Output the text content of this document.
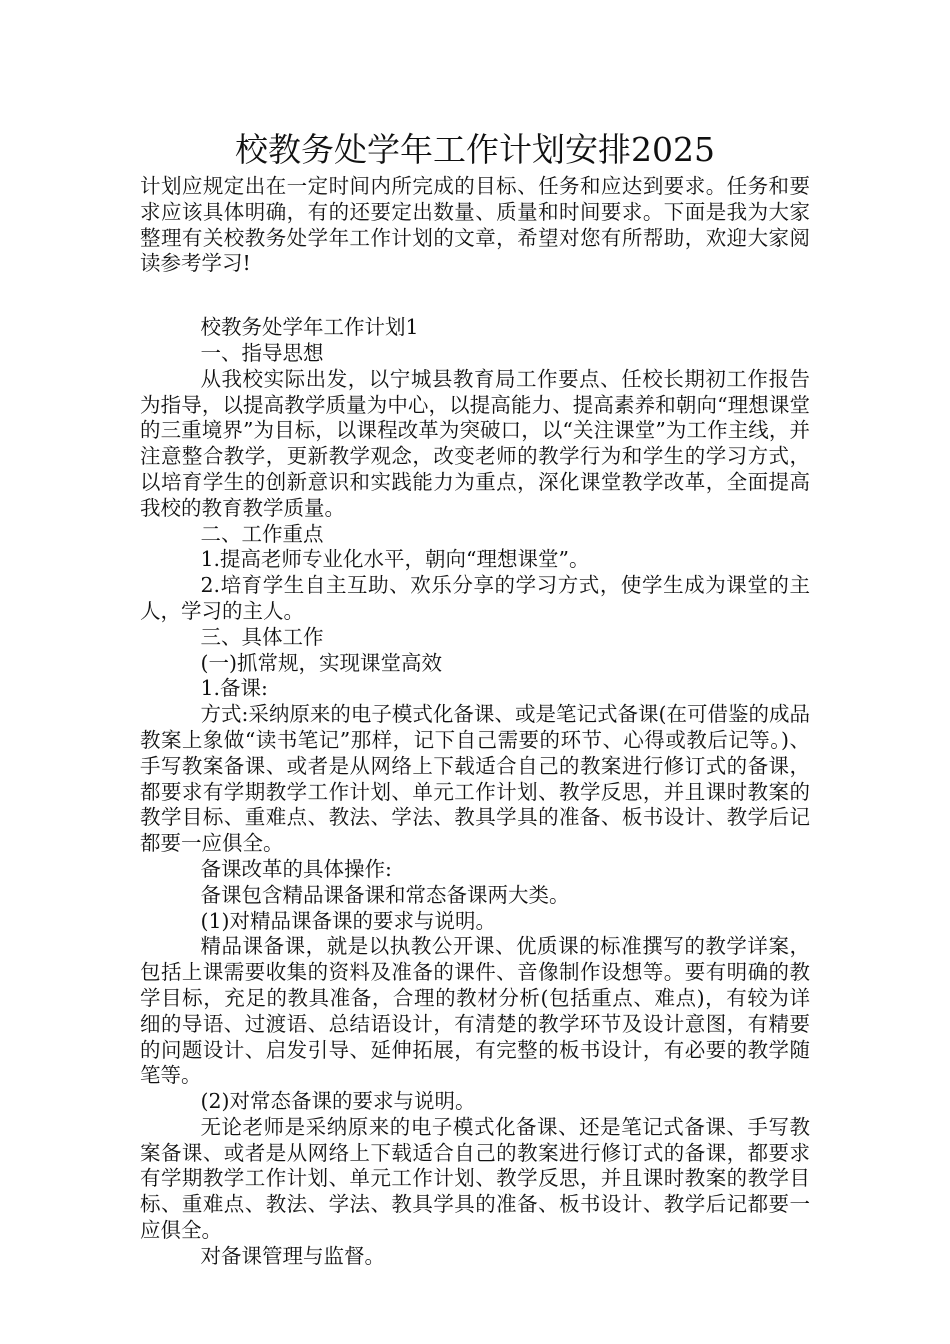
校教务处学年工作计划安排2025

计划应规定出在一定时间内所完成的目标、任务和应达到要求。任务和要求应该具体明确，有的还要定出数量、质量和时间要求。下面是我为大家整理有关校教务处学年工作计划的文章，希望对您有所帮助，欢迎大家阅读参考学习!

校教务处学年工作计划1

一、指导思想

从我校实际出发，以宁城县教育局工作要点、任校长期初工作报告为指导，以提高教学质量为中心，以提高能力、提高素养和朝向“理想课堂的三重境界”为目标，以课程改革为突破口，以“关注课堂”为工作主线，并注意整合教学，更新教学观念，改变老师的教学行为和学生的学习方式，以培育学生的创新意识和实践能力为重点，深化课堂教学改革，全面提高我校的教育教学质量。

二、工作重点

1.提高老师专业化水平，朝向“理想课堂”。

2.培育学生自主互助、欢乐分享的学习方式，使学生成为课堂的主人，学习的主人。

三、具体工作

(一)抓常规，实现课堂高效

1.备课:

方式:采纳原来的电子模式化备课、或是笔记式备课(在可借鉴的成品教案上象做“读书笔记”那样，记下自己需要的环节、心得或教后记等。)、手写教案备课、或者是从网络上下载适合自己的教案进行修订式的备课，都要求有学期教学工作计划、单元工作计划、教学反思，并且课时教案的教学目标、重难点、教法、学法、教具学具的准备、板书设计、教学后记都要一应俱全。

备课改革的具体操作:

备课包含精品课备课和常态备课两大类。

(1)对精品课备课的要求与说明。

精品课备课，就是以执教公开课、优质课的标准撰写的教学详案，包括上课需要收集的资料及准备的课件、音像制作设想等。要有明确的教学目标，充足的教具准备，合理的教材分析(包括重点、难点)，有较为详细的导语、过渡语、总结语设计，有清楚的教学环节及设计意图，有精要的问题设计、启发引导、延伸拓展，有完整的板书设计，有必要的教学随笔等。

(2)对常态备课的要求与说明。

无论老师是采纳原来的电子模式化备课、还是笔记式备课、手写教案备课、或者是从网络上下载适合自己的教案进行修订式的备课，都要求有学期教学工作计划、单元工作计划、教学反思，并且课时教案的教学目标、重难点、教法、学法、教具学具的准备、板书设计、教学后记都要一应俱全。

对备课管理与监督。
